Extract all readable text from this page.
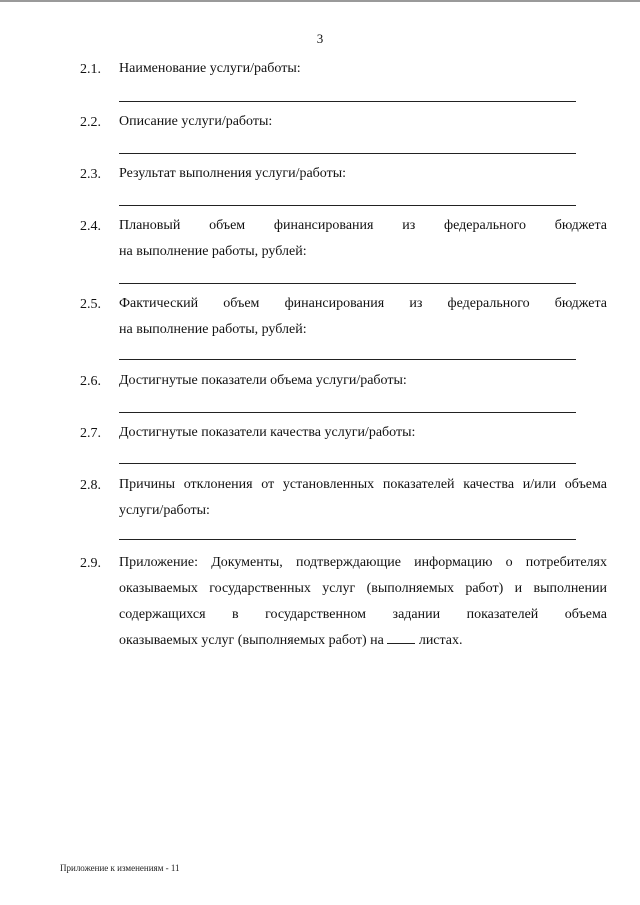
3
2.1. Наименование услуги/работы:
2.2. Описание услуги/работы:
2.3. Результат выполнения услуги/работы:
2.4. Плановый объем финансирования из федерального бюджета
на выполнение работы, рублей:
2.5. Фактический объем финансирования из федерального бюджета
на выполнение работы, рублей:
2.6. Достигнутые показатели объема услуги/работы:
2.7. Достигнутые показатели качества услуги/работы:
2.8. Причины отклонения от установленных показателей качества и/или объема
услуги/работы:
2.9. Приложение: Документы, подтверждающие информацию о потребителях
оказываемых государственных услуг (выполняемых работ) и выполнении
содержащихся в государственном задании показателей объема
оказываемых услуг (выполняемых работ) на	листах.
Приложение к изменениям - 11
